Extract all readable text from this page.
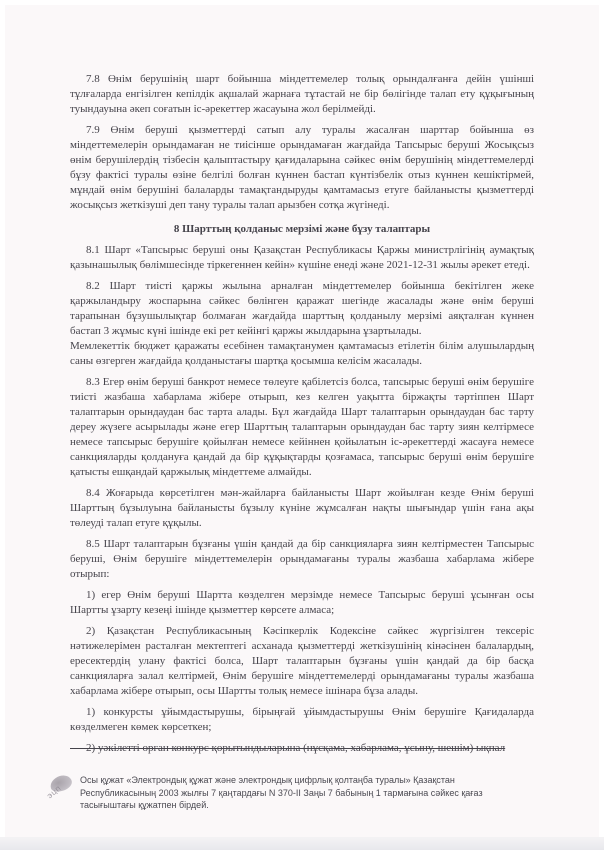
7.8 Өнім берушінің шарт бойынша міндеттемелер толық орындалғанға дейін үшінші тұлғаларда енгізілген кепілдік ақшалай жарнаға тұтастай не бір бөлігінде талап ету құқығының туындауына әкеп соғатын іс-әрекеттер жасауына жол берілмейді.
7.9 Өнім беруші қызметтерді сатып алу туралы жасалған шарттар бойынша өз міндеттемелерін орындамаған не тиісінше орындамаған жағдайда Тапсырыс беруші Жосықсыз өнім берушілердің тізбесін қалыптастыру қағидаларына сәйкес өнім берушінің міндеттемелерді бұзу фактісі туралы өзіне белгілі болған күннен бастап күнтізбелік отыз күннен кешіктірмей, мұндай өнім берушіні балаларды тамақтандыруды қамтамасыз етуге байланысты қызметтерді жосықсыз жеткізуші деп тану туралы талап арызбен сотқа жүгінеді.
8 Шарттың қолданыс мерзімі және бұзу талаптары
8.1 Шарт «Тапсырыс беруші оны Қазақстан Республикасы Қаржы министрлігінің аумақтық қазынашылық бөлімшесінде тіркегеннен кейін» күшіне енеді және 2021-12-31 жылы әрекет етеді.
8.2 Шарт тиісті қаржы жылына арналған міндеттемелер бойынша бекітілген жеке қаржыландыру жоспарына сәйкес бөлінген қаражат шегінде жасалады және өнім беруші тарапынан бұзушылықтар болмаған жағдайда шарттың қолданылу мерзімі аяқталған күннен бастап 3 жұмыс күні ішінде екі рет кейінгі қаржы жылдарына ұзартылады.
Мемлекеттік бюджет қаражаты есебінен тамақтанумен қамтамасыз етілетін білім алушылардың саны өзгерген жағдайда қолданыстағы шартқа қосымша келісім жасалады.
8.3 Егер өнім беруші банкрот немесе төлеуге қабілетсіз болса, тапсырыс беруші өнім берушіге тиісті жазбаша хабарлама жібере отырып, кез келген уақытта біржақты тәртіппен Шарт талаптарын орындаудан бас тарта алады. Бұл жағдайда Шарт талаптарын орындаудан бас тарту дереу жүзеге асырылады және егер Шарттың талаптарын орындаудан бас тарту зиян келтірмесе немесе тапсырыс берушіге қойылған немесе кейіннен қойылатын іс-әрекеттерді жасауға немесе санкцияларды қолдануға қандай да бір құқықтарды қозғамаса, тапсырыс беруші өнім берушіге қатысты ешқандай қаржылық міндеттеме алмайды.
8.4 Жоғарыда көрсетілген мән-жайларға байланысты Шарт жойылған кезде Өнім беруші Шарттың бұзылуына байланысты бұзылу күніне жұмсалған нақты шығындар үшін ғана ақы төлеуді талап етуге құқылы.
8.5 Шарт талаптарын бұзғаны үшін қандай да бір санкцияларға зиян келтірместен Тапсырыс беруші, Өнім берушіге міндеттемелерін орындамағаны туралы жазбаша хабарлама жібере отырып:
1) егер Өнім беруші Шартта көзделген мерзімде немесе Тапсырыс беруші ұсынған осы Шартты ұзарту кезеңі ішінде қызметтер көрсете алмаса;
2) Қазақстан Республикасының Кәсіпкерлік Кодексіне сәйкес жүргізілген тексеріс нәтижелерімен расталған мектептегі асханада қызметтерді жеткізушінің кінәсінен балалардың, ересектердің улану фактісі болса, Шарт талаптарын бұзғаны үшін қандай да бір басқа санкцияларға залал келтірмей, Өнім берушіге міндеттемелерді орындамағаны туралы жазбаша хабарлама жібере отырып, осы Шартты толық немесе ішінара бұза алады.
1) конкурсты ұйымдастырушы, бірыңғай ұйымдастырушы Өнім берушіге Қағидаларда көзделмеген көмек көрсеткен;
2) уәкілетті орган конкурс қорытындыларына (нұсқама, хабарлама, ұсыну, шешім) ықпал
ЭЦП
Осы құжат «Электрондық құжат және электрондық цифрлық қолтаңба туралы» Қазақстан Республикасының 2003 жылғы 7 қаңтардағы N 370-II Заңы 7 бабының 1 тармағына сәйкес қағаз тасығыштағы құжатпен бірдей.
